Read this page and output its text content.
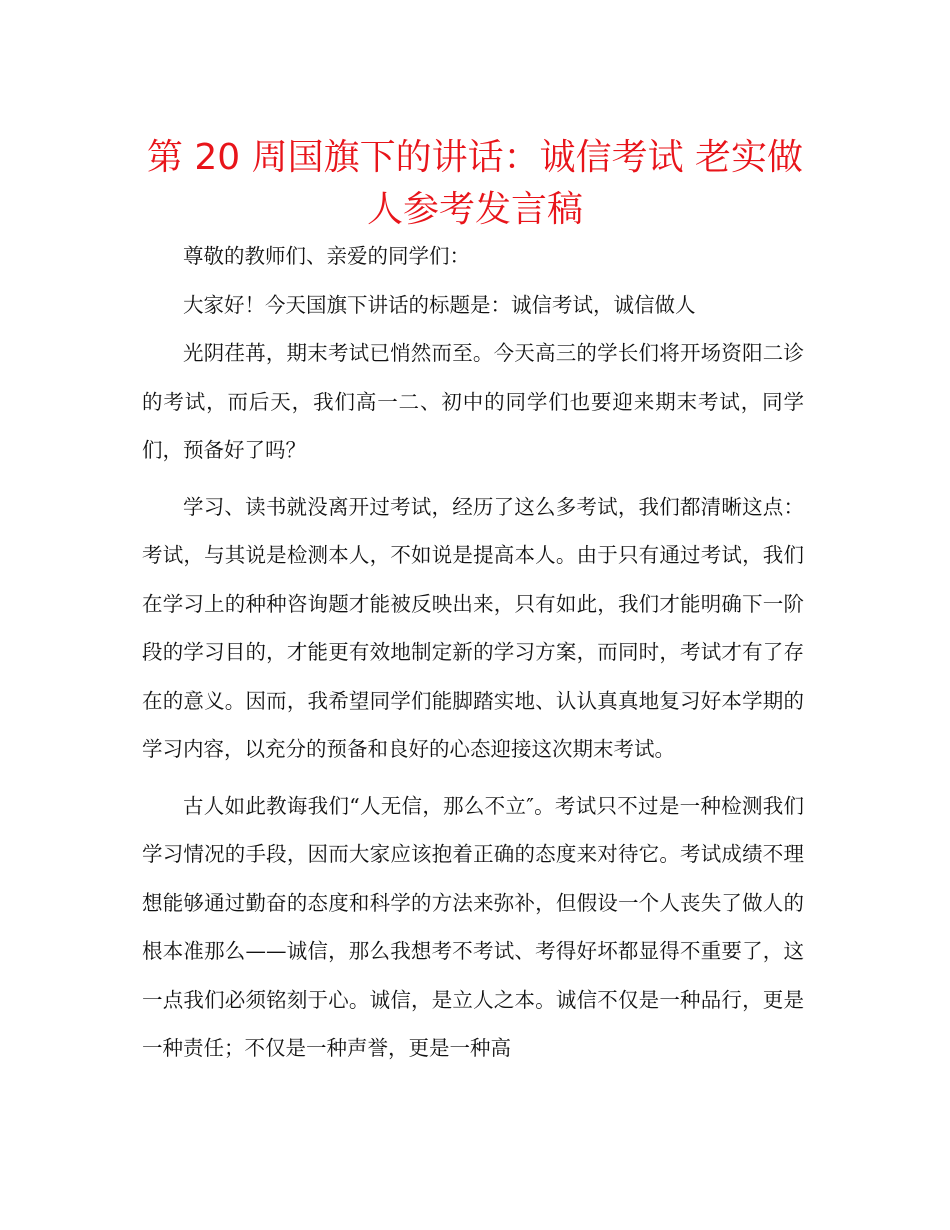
第 20 周国旗下的讲话：诚信考试 老实做人参考发言稿

尊敬的教师们、亲爱的同学们：

大家好！今天国旗下讲话的标题是：诚信考试，诚信做人

光阴荏苒，期末考试已悄然而至。今天高三的学长们将开场资阳二诊的考试，而后天，我们高一二、初中的同学们也要迎来期末考试，同学们，预备好了吗？

学习、读书就没离开过考试，经历了这么多考试，我们都清晰这点：考试，与其说是检测本人，不如说是提高本人。由于只有通过考试，我们在学习上的种种咨询题才能被反映出来，只有如此，我们才能明确下一阶段的学习目的，才能更有效地制定新的学习方案，而同时，考试才有了存在的意义。因而，我希望同学们能脚踏实地、认认真真地复习好本学期的学习内容，以充分的预备和良好的心态迎接这次期末考试。

古人如此教诲我们“人无信，那么不立″。考试只不过是一种检测我们学习情况的手段，因而大家应该抱着正确的态度来对待它。考试成绩不理想能够通过勤奋的态度和科学的方法来弥补，但假设一个人丧失了做人的根本准那么——诚信，那么我想考不考试、考得好坏都显得不重要了，这一点我们必须铭刻于心。诚信，是立人之本。诚信不仅是一种品行，更是一种责任；不仅是一种声誉，更是一种高
